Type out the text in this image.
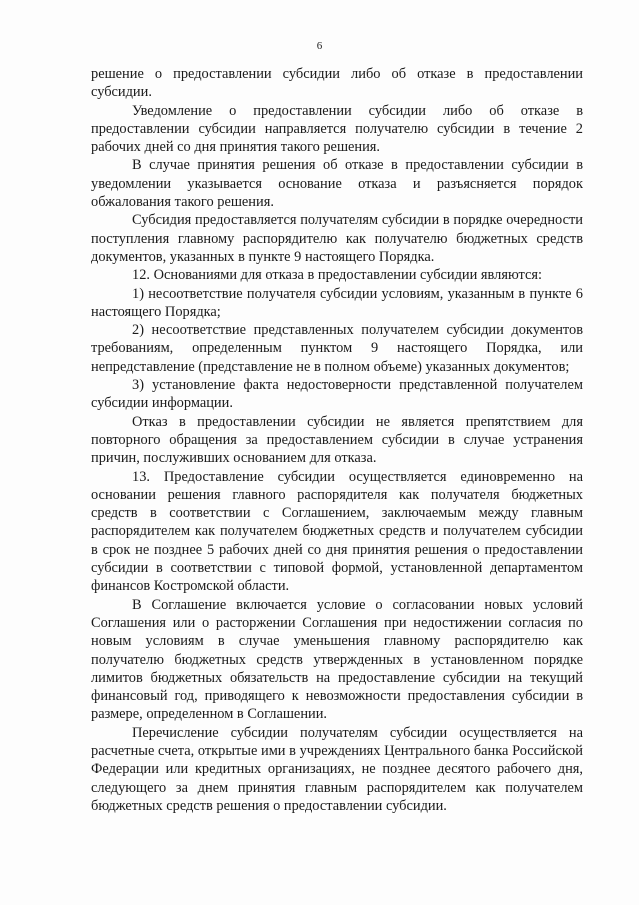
6

решение о предоставлении субсидии либо об отказе в предоставлении субсидии.

Уведомление о предоставлении субсидии либо об отказе в предоставлении субсидии направляется получателю субсидии в течение 2 рабочих дней со дня принятия такого решения.

В случае принятия решения об отказе в предоставлении субсидии в уведомлении указывается основание отказа и разъясняется порядок обжалования такого решения.

Субсидия предоставляется получателям субсидии в порядке очередности поступления главному распорядителю как получателю бюджетных средств документов, указанных в пункте 9 настоящего Порядка.

12. Основаниями для отказа в предоставлении субсидии являются:

1) несоответствие получателя субсидии условиям, указанным в пункте 6 настоящего Порядка;

2) несоответствие представленных получателем субсидии документов требованиям, определенным пунктом 9 настоящего Порядка, или непредставление (представление не в полном объеме) указанных документов;

3) установление факта недостоверности представленной получателем субсидии информации.

Отказ в предоставлении субсидии не является препятствием для повторного обращения за предоставлением субсидии в случае устранения причин, послуживших основанием для отказа.

13. Предоставление субсидии осуществляется единовременно на основании решения главного распорядителя как получателя бюджетных средств в соответствии с Соглашением, заключаемым между главным распорядителем как получателем бюджетных средств и получателем субсидии в срок не позднее 5 рабочих дней со дня принятия решения о предоставлении субсидии в соответствии с типовой формой, установленной департаментом финансов Костромской области.

В Соглашение включается условие о согласовании новых условий Соглашения или о расторжении Соглашения при недостижении согласия по новым условиям в случае уменьшения главному распорядителю как получателю бюджетных средств утвержденных в установленном порядке лимитов бюджетных обязательств на предоставление субсидии на текущий финансовый год, приводящего к невозможности предоставления субсидии в размере, определенном в Соглашении.

Перечисление субсидии получателям субсидии осуществляется на расчетные счета, открытые ими в учреждениях Центрального банка Российской Федерации или кредитных организациях, не позднее десятого рабочего дня, следующего за днем принятия главным распорядителем как получателем бюджетных средств решения о предоставлении субсидии.
